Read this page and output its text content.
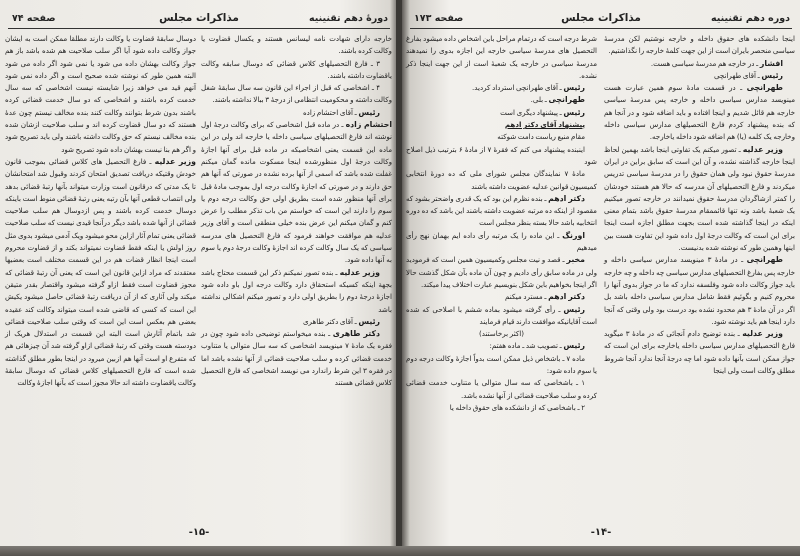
دورهٔ دهم تقنینیه
مذاکرات مجلس
صفحه ۷۴

خارجه دارای شهادت نامه لیسانس هستند و یکسال قضاوت یا وکالت کرده باشند.

۳ ـ فارغ التحصیلهای کلاس قضائی که دوسال سابقه وکالت یاقضاوت داشته باشند.

۴ ـ اشخاصی که قبل از اجراء این قانون سه سال سابقهٔ شغل وکالت داشته و محکومیت انتظامی از درجهٔ ۳ ببالا نداشته باشند.

رئیس ـ آقای احتشام زاده

احتشام زاده ـ در ماده قبل اشخاصی که برای وکالت درجهٔ اول نوشته اند فارغ التحصیلهای سیاسی داخله یا خارجه اند ولی در این ماده این قسمت یعنی اشخاصیکه در ماده قبل برای آنها اجازهٔ وکالت درجهٔ اول منظورشده اینجا مسکوت مانده گمان میکنم غفلت شده باشد که اسمی از آنها برده نشده در صورتی که آنها هم حق دارند و در صورتی که اجازهٔ وکالت درجه اول بموجب مادهٔ قبل برای آنها منظور شده است بطریق اولی حق وکالت درجه دوم یا سوم را دارند این است که خواستم من باب تذکر مطلب را عرض کنم و گمان میکنم این عرض بنده خیلی منطقی است و آقای وزیر عدلیه هم موافقت خواهند فرمود که فارغ التحصیل های مدرسه سیاسی که یک سال وکالت کرده اند اجازهٔ وکالت درجهٔ دوم یا سوم به آنها داده شود.

وزیر عدلیه ـ بنده تصور نمیکنم ذکر این قسمت محتاج باشد بجهة اینکه کسیکه استحقاق دارد وکالت درجه اول باو داده شود اجازهٔ درجهٔ دوم را بطریق اولی دارد و تصور میکنم اشکالی نداشته باشد

رئیس ـ آقای دکتر طاهری

دکتر طاهری ـ بنده میخواستم توضیحی داده شود چون در فقره یک مادهٔ ۷ مینویسد اشخاصی که سه سال متوالی یا متناوب خدمت قضائی کرده و سلب صلاحیت قضائی از آنها نشده باشد اما در فقره ۳ این شرط راندارد می نویسد اشخاصی که فارغ التحصیل کلاس قضائی هستند

دوسال سابقهٔ قضاوت یا وکالت دارند مطلقا ممکن است به ایشان جواز وکالت داده شود آیا اگر سلب صلاحیت هم شده باشد باز هم جواز وکالت بهشان داده می شود یا نمی شود اگر داده می شود البته همین طور که نوشته شده صحیح است و اگر داده نمی شود آنهم قید می خواهد زیرا شایسته نیست اشخاصی که سه سال خدمت کرده باشند و اشخاصی که دو سال خدمت قضائی کرده باشند بدون شرط بتوانند وکالت کنند بنده مخالف نیستم چون عدهٔ هستند که دو سال قضاوت کرده اند و سلب صلاحیت ازشان شده بنده مخالف نیستم که حق وکالت داشته باشند ولی باید تصریح شود و اگر هم بنا نیست بهشان داده شود تصریح شود

وزیر عدلیه ـ فارغ التحصیل های کلاس قضائی بموجب قانون خودش وقتیکه دریافت تصدیق امتحان کردند وقبول شد امتحانشان تا یک مدتی که درقانون است وزارت میتواند بآنها رتبهٔ قضائی بدهد ولی انتصاب قطعی آنها بآن رتبه یعنی رتبهٔ قضائی منوط است باینکه دوسال خدمت کرده باشند و پس ازدوسال هم سلب صلاحیت قضائی از آنها شده باشد دیگر درآنجا قیدی نیست که سلب صلاحیت قضائی یعنی تمام آثار ازاین محو میشود ویک آدمی میشود بدوی مثل روز اولش یا اینکه فقط قضاوت نمیتواند بکند و از قضاوت محروم است اینجا انظار قضات هم در این قسمت مختلف است بعضیها معتقدند که مراد ازاین قانون این است که یعنی آن رتبهٔ قضائی که مجوز قضاوت است فقط ازاو گرفته میشود واقتصار بقدر متیقن میکند ولی آثاری که از آن دریافت رتبهٔ قضائی حاصل میشود یکیش این است که کسی که قاضی شده است میتواند وکالت کند عقیده بعضی هم بعکس است این است که وقتی سلب صلاحیت قضائی شد باتمام آثارش است البته این قسمت در استدلال هریک از دودسته هست وقتی که رتبهٔ قضائی ازاو گرفته شد آن چیزهائی هم که متفرع او است آنها هم ازبین میرود در اینجا بطور مطلق گذاشته شده است که فارغ التحصیلهای کلاس قضائی که دوسال سابقهٔ وکالت یاقضاوت داشته اند حالا مجوز است که بآنها اجازهٔ وکالت

-۱۵-
دوره دهم تقنینیه
مذاکرات مجلس
صفحه ۱۷۳

اینجا دانشکده های حقوق داخله و خارجه نوشتیم لکن مدرسهٔ سیاسی منحصر بایران است از این جهت کلمهٔ خارجه را نگذاشتیم.

افشار ـ در خارجه هم مدرسهٔ سیاسی هست.

رئیس ـ آقای طهرانچی

طهرانچی ـ در قسمت مادهٔ سوم همین عبارت هست مینویسد مدارس سیاسی داخله و خارجه پس مدرسهٔ سیاسی خارجه هم قائل شدیم و اینجا افتاده و باید اضافه شود و در آنجا هم که بنده پیشنهاد کردم فارغ التحصیلهای مدارس سیاسی داخله وخارجه یک کلمه (یا) هم اضافه شود داخله یاخارجه.

وزیر عدلیه ـ تصور میکنم یک تفاوتی اینجا باشد بهمین لحاظ اینجا خارجه گذاشته نشده، و آن این است که سابق براین در ایران مدرسهٔ حقوق نبود ولی همان حقوق را در مدرسهٔ سیاسی تدریس میکردند و فارغ التحصیلهای آن مدرسه که حالا هم هستند خودشان را کمتر ازشاگردان مدرسهٔ حقوق نمیدانند در خارجه تصور میکنیم یک شعبهٔ باشد ونه تنها قائممقام مدرسهٔ حقوق باشد بتمام معنی اینکه در اینجا گذاشته شده است بجهت مطلق اجازه است اینجا برای این است که وکالت درجهٔ اول داده شود این تفاوت هست بین اینها وهمین طور که نوشته شده بدنیست.

طهرانچی ـ در مادهٔ ۳ مینویسد مدارس سیاسی داخله و خارجه پس بفارغ التحصیلهای مدارس سیاسی چه داخله و چه خارجه باید جواز وکالت داده شود وفلسفه ندارد که ما در جواز بدوی آنها را محروم کنیم و بگوئیم فقط شامل مدارس سیاسی داخله باشد بل اگر در آن مادهٔ ۳ هم محدود نشده بود درست بود ولی وقتی که آنجا دارد اینجا هم باید نوشته شود.

وزیر عدلیه ـ بنده توضیح دادم آنجائی که در مادهٔ ۳ میگوید فارغ التحصیلهای مدارس سیاسی داخله یاخارجه برای این است که جواز ممکن است بآنها داده شود اما چه درجهٔ آنجا ندارد آنجا شروط مطلق وکالت است ولی اینجا

شرط درجه است که درتمام مراحل باین اشخاص داده میشود بفارغ التحصیل های مدرسهٔ سیاسی خارجه این اجازه بدوی را نمیدهند مدرسهٔ سیاسی در خارجه یک شعبهٔ است از این جهت اینجا ذکر نشده.

رئیس ـ آقای طهرانچی استرداد کردید.

طهرانچی ـ بلی.

رئیس ـ پیشنهاد دیگری است

پیشنهاد آقای دکتر ادهم

مقام منیع ریاست دامت شوکته

اینبنده پیشنهاد می کنم که فقرهٔ ۷ از مادهٔ ۶ بترتیب ذیل اصلاح شود

مادهٔ ۷ نمایندگان مجلس شورای ملی که ده دورهٔ انتخابی کمیسیون قوانین عدلیه عضویت داشته باشند

دکتر ادهم ـ بنده نظرم این بود که یک قدری واضحتر بشود که مقصود از اینکه ده مرتبه عضویت داشته باشند این باشد که ده دوره انتخابیه باشد حالا بسته بنظر مجلس است

اورنگ ـ این ماده را یک مرتبه رأی داده ایم بهمان نهج رأی میدهیم

مخبر ـ قصد و نیت مجلس وکمیسیون همین است که فرمودید ولی در ماده سابق رأی دادیم و چون آن ماده بآن شکل گذشت حالا اگر اینجا بخواهیم باین شکل بنویسیم عبارت اختلاف پیدا میکند.

دکتر ادهم ـ مسترد میکنم

رئیس ـ رأی گرفته میشود بماده ششم با اصلاحی که شده است آقایانیکه موافقت دارند قیام فرمایند

(اکثر برخاستند)

رئیس ـ تصویب شد ـ ماده هفتم:

ماده ۷ ـ باشخاص ذیل ممکن است بدواً اجازهٔ وکالت درجه دوم یا سوم داده شود:

۱ ـ باشخاصی که سه سال متوالی یا متناوب خدمت قضائی کرده و سلب صلاحیت قضائی از آنها نشده باشد.

۲ ـ باشخاصی که از دانشکده های حقوق داخله یا

-۱۴-
